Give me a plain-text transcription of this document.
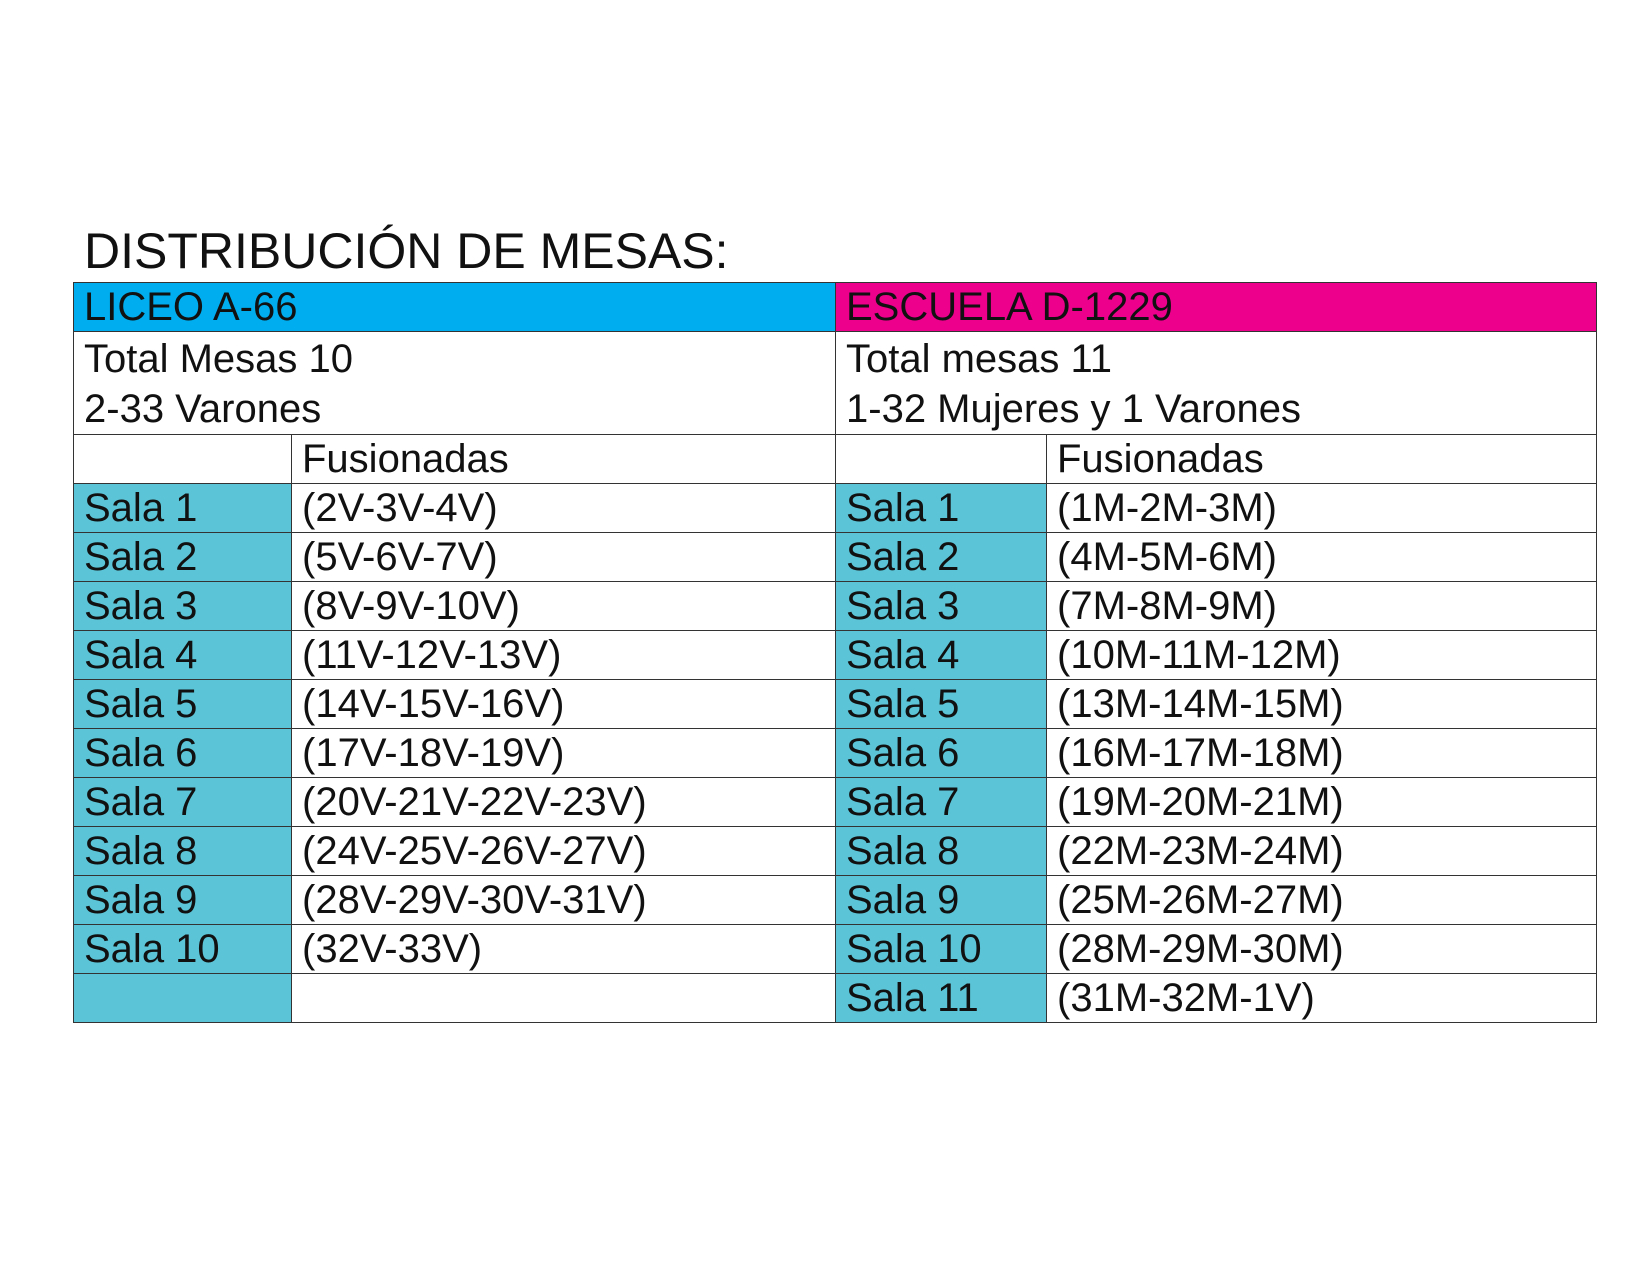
DISTRIBUCIÓN DE MESAS:
LICEO A-66		ESCUELA D-1229	

Total Mesas 10
2-33 Varones		Total mesas 11
1-32 Mujeres y 1 Varones	

	Fusionadas		Fusionadas
Sala 1	(2V-3V-4V)	Sala 1	(1M-2M-3M)
Sala 2	(5V-6V-7V)	Sala 2	(4M-5M-6M)
Sala 3	(8V-9V-10V)	Sala 3	(7M-8M-9M)
Sala 4	(11V-12V-13V)	Sala 4	(10M-11M-12M)
Sala 5	(14V-15V-16V)	Sala 5	(13M-14M-15M)
Sala 6	(17V-18V-19V)	Sala 6	(16M-17M-18M)
Sala 7	(20V-21V-22V-23V)	Sala 7	(19M-20M-21M)
Sala 8	(24V-25V-26V-27V)	Sala 8	(22M-23M-24M)
Sala 9	(28V-29V-30V-31V)	Sala 9	(25M-26M-27M)
Sala 10	(32V-33V)	Sala 10	(28M-29M-30M)
		Sala 11	(31M-32M-1V)
